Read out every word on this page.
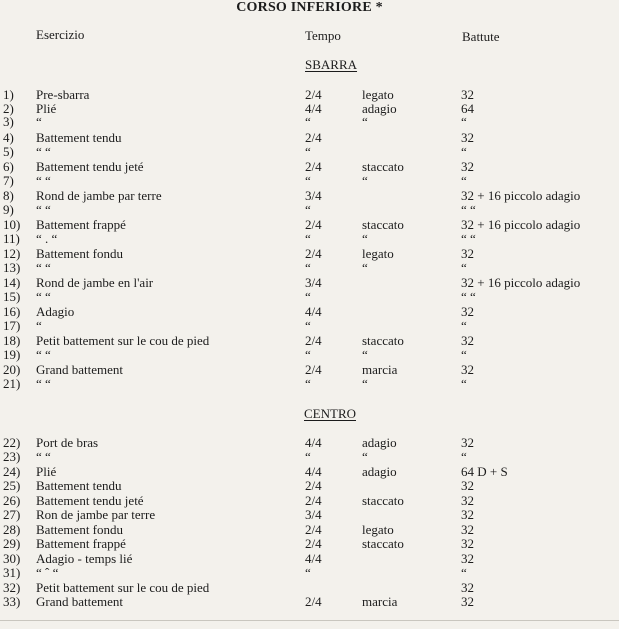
CORSO INFERIORE *
Esercizio	Tempo	Battute
SBARRA
CENTRO
1) Pre-sbarra	2/4	legato	32
2) Plié	4/4	adagio	64
3) “	“	“	“
4) Battement tendu	2/4	32
5) “ “	“	“
6) Battement tendu jeté	2/4	staccato	32
7) “ “	“	“	“
8) Rond de jambe par terre	3/4	32 + 16 piccolo adagio
9) “ “	“	“ “
10) Battement frappé	2/4	staccato	32 + 16 piccolo adagio
11) “ . “	“	“	“ “
12) Battement fondu	2/4	legato	32
13) “ “	“	“	“
14) Rond de jambe en l'air	3/4	32 + 16 piccolo adagio
15) “ “	“	“ “
16) Adagio	4/4	32
17) “	“	“
18) Petit battement sur le cou de pied	2/4	staccato	32
19) “ “	“	“	“
20) Grand battement	2/4	marcia	32
21) “ “	“	“	“
22) Port de bras	4/4	adagio	32
23) “ “	“	“	“
24) Plié	4/4	adagio	64 D + S
25) Battement tendu	2/4	32
26) Battement tendu jeté	2/4	staccato	32
27) Ron de jambe par terre	3/4	32
28) Battement fondu	2/4	legato	32
29) Battement frappé	2/4	staccato	32
30) Adagio - temps lié	4/4	32
31) “ ˆ “	“	“
32) Petit battement sur le cou de pied	32
33) Grand battement	2/4	marcia	32
